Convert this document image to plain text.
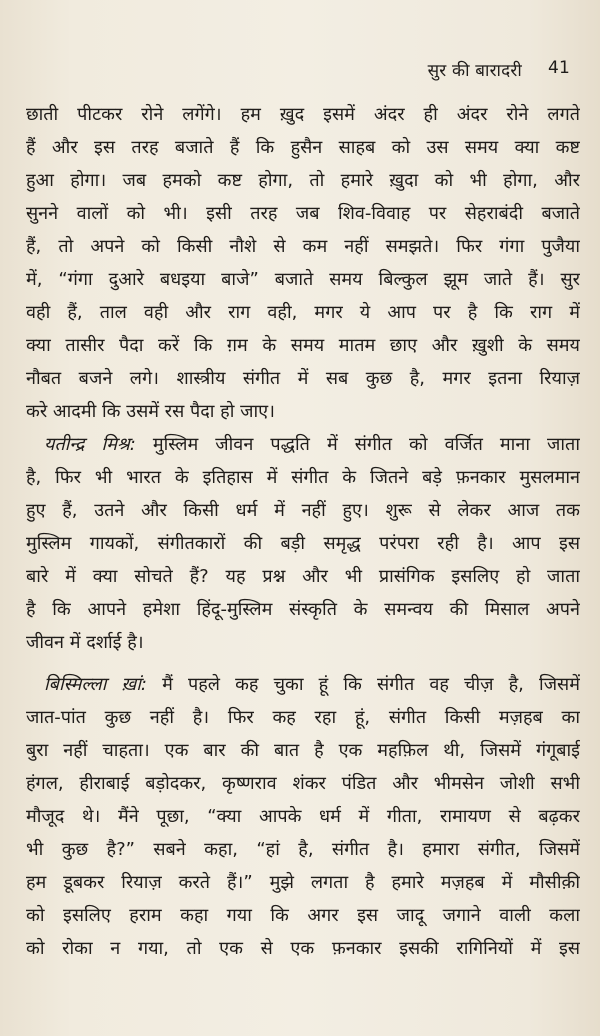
सुर की बारादरी 41
छाती पीटकर रोने लगेंगे। हम ख़ुद इसमें अंदर ही अंदर रोने लगते
हैं और इस तरह बजाते हैं कि हुसैन साहब को उस समय क्या कष्ट
हुआ होगा। जब हमको कष्ट होगा, तो हमारे ख़ुदा को भी होगा, और
सुनने वालों को भी। इसी तरह जब शिव-विवाह पर सेहराबंदी बजाते
हैं, तो अपने को किसी नौशे से कम नहीं समझते। फिर गंगा पुजैया
में, “गंगा दुआरे बधइया बाजे” बजाते समय बिल्कुल झूम जाते हैं। सुर
वही हैं, ताल वही और राग वही, मगर ये आप पर है कि राग में
क्या तासीर पैदा करें कि ग़म के समय मातम छाए और ख़ुशी के समय
नौबत बजने लगे। शास्त्रीय संगीत में सब कुछ है, मगर इतना रियाज़
करे आदमी कि उसमें रस पैदा हो जाए।
यतीन्द्र मिश्र: मुस्लिम जीवन पद्धति में संगीत को वर्जित माना जाता
है, फिर भी भारत के इतिहास में संगीत के जितने बड़े फ़नकार मुसलमान
हुए हैं, उतने और किसी धर्म में नहीं हुए। शुरू से लेकर आज तक
मुस्लिम गायकों, संगीतकारों की बड़ी समृद्ध परंपरा रही है। आप इस
बारे में क्या सोचते हैं? यह प्रश्न और भी प्रासंगिक इसलिए हो जाता
है कि आपने हमेशा हिंदू-मुस्लिम संस्कृति के समन्वय की मिसाल अपने
जीवन में दर्शाई है।
बिस्मिल्ला ख़ां: मैं पहले कह चुका हूं कि संगीत वह चीज़ है, जिसमें
जात-पांत कुछ नहीं है। फिर कह रहा हूं, संगीत किसी मज़हब का
बुरा नहीं चाहता। एक बार की बात है एक महफ़िल थी, जिसमें गंगूबाई
हंगल, हीराबाई बड़ोदकर, कृष्णराव शंकर पंडित और भीमसेन जोशी सभी
मौजूद थे। मैंने पूछा, “क्या आपके धर्म में गीता, रामायण से बढ़कर
भी कुछ है?” सबने कहा, “हां है, संगीत है। हमारा संगीत, जिसमें
हम डूबकर रियाज़ करते हैं।” मुझे लगता है हमारे मज़हब में मौसीक़ी
को इसलिए हराम कहा गया कि अगर इस जादू जगाने वाली कला
को रोका न गया, तो एक से एक फ़नकार इसकी रागिनियों में इस
